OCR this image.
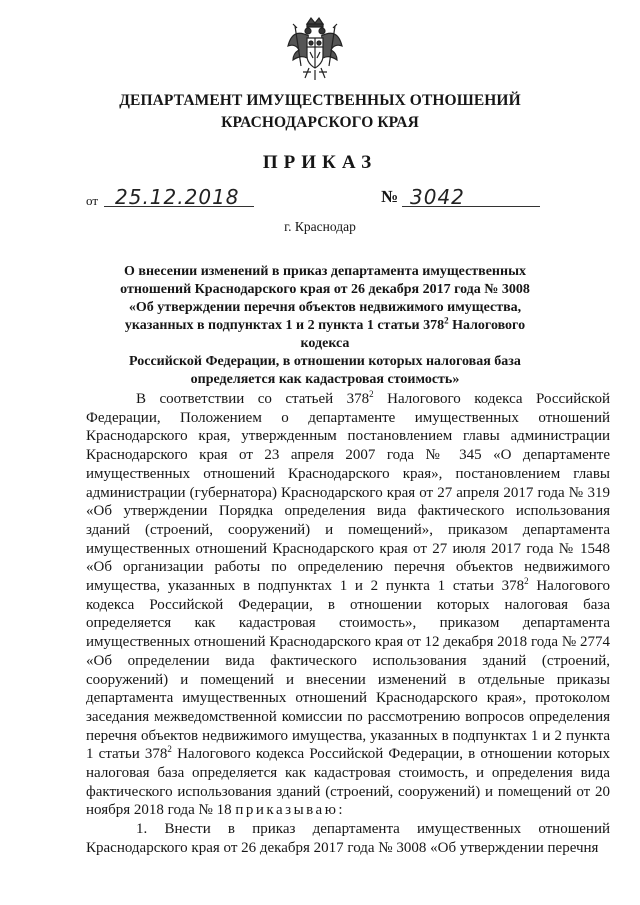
ДЕПАРТАМЕНТ ИМУЩЕСТВЕННЫХ ОТНОШЕНИЙ
КРАСНОДАРСКОГО КРАЯ
ПРИКАЗ
от 25.12.2018	№ 3042
г. Краснодар
О внесении изменений в приказ департамента имущественных
отношений Краснодарского края от 26 декабря 2017 года № 3008
«Об утверждении перечня объектов недвижимого имущества,
указанных в подпунктах 1 и 2 пункта 1 статьи $378^2$ Налогового кодекса
Российской Федерации, в отношении которых налоговая база
определяется как кадастровая стоимость»

В соответствии со статьей $378^2$ Налогового кодекса Российской Федерации, Положением о департаменте имущественных отношений Краснодарского края, утвержденным постановлением главы администрации Краснодарского края от 23 апреля 2007 года № 345 «О департаменте имущественных отношений Краснодарского края», постановлением главы администрации (губернатора) Краснодарского края от 27 апреля 2017 года № 319 «Об утверждении Порядка определения вида фактического использования зданий (строений, сооружений) и помещений», приказом департамента имущественных отношений Краснодарского края от 27 июля 2017 года № 1548 «Об организации работы по определению перечня объектов недвижимого имущества, указанных в подпунктах 1 и 2 пункта 1 статьи $378^2$ Налогового кодекса Российской Федерации, в отношении которых налоговая база определяется как кадастровая стоимость», приказом департамента имущественных отношений Краснодарского края от 12 декабря 2018 года № 2774 «Об определении вида фактического использования зданий (строений, сооружений) и помещений и внесении изменений в отдельные приказы департамента имущественных отношений Краснодарского края», протоколом заседания межведомственной комиссии по рассмотрению вопросов определения перечня объектов недвижимого имущества, указанных в подпунктах 1 и 2 пункта 1 статьи $378^2$ Налогового кодекса Российской Федерации, в отношении которых налоговая база определяется как кадастровая стоимость, и определения вида фактического использования зданий (строений, сооружений) и помещений от 20 ноября 2018 года № 18 приказываю:

1. Внести в приказ департамента имущественных отношений Краснодарского края от 26 декабря 2017 года № 3008 «Об утверждении перечня
